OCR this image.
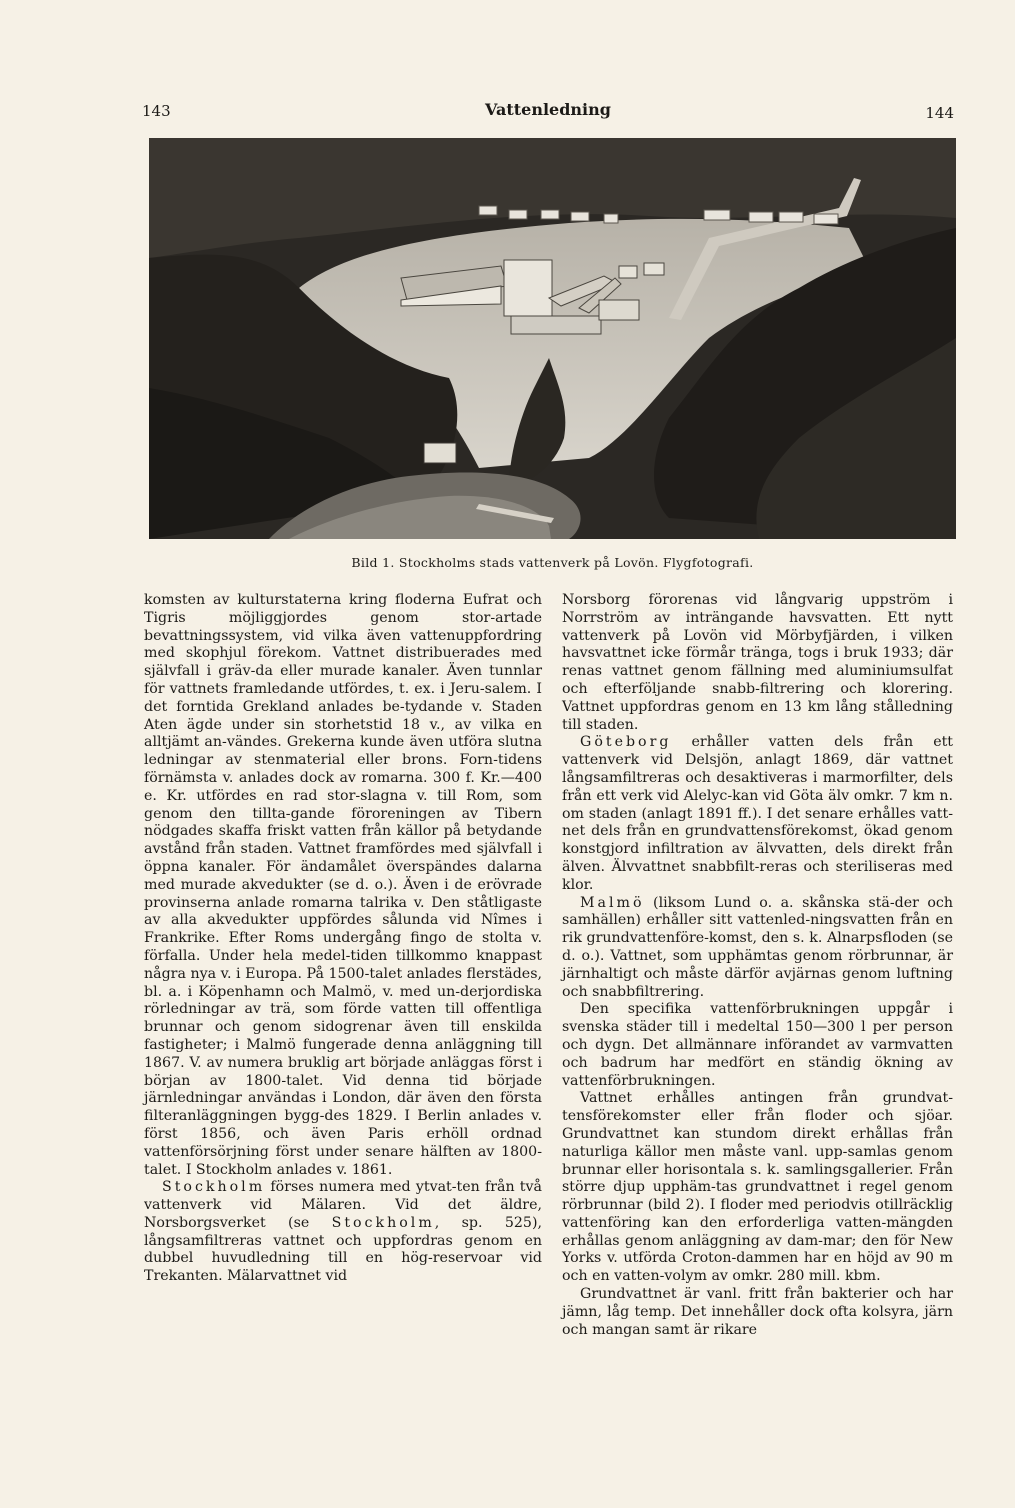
143	Vattenledning	144
Bild 1. Stockholms stads vattenverk på Lovön. Flygfotografi.

komsten av kulturstaterna kring floderna Eufrat och Tigris möjliggjordes genom stor-artade bevattningssystem, vid vilka även vattenuppfordring med skophjul förekom. Vattnet distribuerades med självfall i gräv-da eller murade kanaler. Även tunnlar för vattnets framledande utfördes, t. ex. i Jeru-salem. I det forntida Grekland anlades be-tydande v. Staden Aten ägde under sin storhetstid 18 v., av vilka en alltjämt an-vändes. Grekerna kunde även utföra slutna ledningar av stenmaterial eller brons. Forn-tidens förnämsta v. anlades dock av romarna. 300 f. Kr.—400 e. Kr. utfördes en rad stor-slagna v. till Rom, som genom den tillta-gande föroreningen av Tibern nödgades skaffa friskt vatten från källor på betydande avstånd från staden. Vattnet framfördes med självfall i öppna kanaler. För ändamålet överspändes dalarna med murade akvedukter (se d. o.). Även i de erövrade provinserna anlade romarna talrika v. Den ståtligaste av alla akvedukter uppfördes sålunda vid Nîmes i Frankrike. Efter Roms undergång fingo de stolta v. förfalla. Under hela medel-tiden tillkommo knappast några nya v. i Europa. På 1500-talet anlades flerstädes, bl. a. i Köpenhamn och Malmö, v. med un-derjordiska rörledningar av trä, som förde vatten till offentliga brunnar och genom sidogrenar även till enskilda fastigheter; i Malmö fungerade denna anläggning till 1867. V. av numera bruklig art började anläggas först i början av 1800-talet. Vid denna tid började järnledningar användas i London, där även den första filteranläggningen bygg-des 1829. I Berlin anlades v. först 1856, och även Paris erhöll ordnad vattenförsörjning först under senare hälften av 1800-talet. I Stockholm anlades v. 1861.

Stockholm förses numera med ytvat-ten från två vattenverk vid Mälaren. Vid det äldre, Norsborgsverket (se Stockholm, sp. 525), långsamfiltreras vattnet och uppfordras genom en dubbel huvudledning till en hög-reservoar vid Trekanten. Mälarvattnet vid

Norsborg förorenas vid långvarig uppström i Norrström av inträngande havsvatten. Ett nytt vattenverk på Lovön vid Mörbyfjärden, i vilken havsvattnet icke förmår tränga, togs i bruk 1933; där renas vattnet genom fällning med aluminiumsulfat och efterföljande snabb-filtrering och klorering. Vattnet uppfordras genom en 13 km lång stålledning till staden.

Göteborg erhåller vatten dels från ett vattenverk vid Delsjön, anlagt 1869, där vattnet långsamfiltreras och desaktiveras i marmorfilter, dels från ett verk vid Alelyc-kan vid Göta älv omkr. 7 km n. om staden (anlagt 1891 ff.). I det senare erhålles vatt-net dels från en grundvattensförekomst, ökad genom konstgjord infiltration av älvvatten, dels direkt från älven. Älvvattnet snabbfilt-reras och steriliseras med klor.

Malmö (liksom Lund o. a. skånska stä-der och samhällen) erhåller sitt vattenled-ningsvatten från en rik grundvattenföre-komst, den s. k. Alnarpsfloden (se d. o.). Vattnet, som upphämtas genom rörbrunnar, är järnhaltigt och måste därför avjärnas genom luftning och snabbfiltrering.

Den specifika vattenförbrukningen uppgår i svenska städer till i medeltal 150—300 l per person och dygn. Det allmännare införandet av varmvatten och badrum har medfört en ständig ökning av vattenförbrukningen.

Vattnet erhålles antingen från grundvat-tensförekomster eller från floder och sjöar. Grundvattnet kan stundom direkt erhållas från naturliga källor men måste vanl. upp-samlas genom brunnar eller horisontala s. k. samlingsgallerier. Från större djup upphäm-tas grundvattnet i regel genom rörbrunnar (bild 2). I floder med periodvis otillräcklig vattenföring kan den erforderliga vatten-mängden erhållas genom anläggning av dam-mar; den för New Yorks v. utförda Croton-dammen har en höjd av 90 m och en vatten-volym av omkr. 280 mill. kbm.

Grundvattnet är vanl. fritt från bakterier och har jämn, låg temp. Det innehåller dock ofta kolsyra, järn och mangan samt är rikare
